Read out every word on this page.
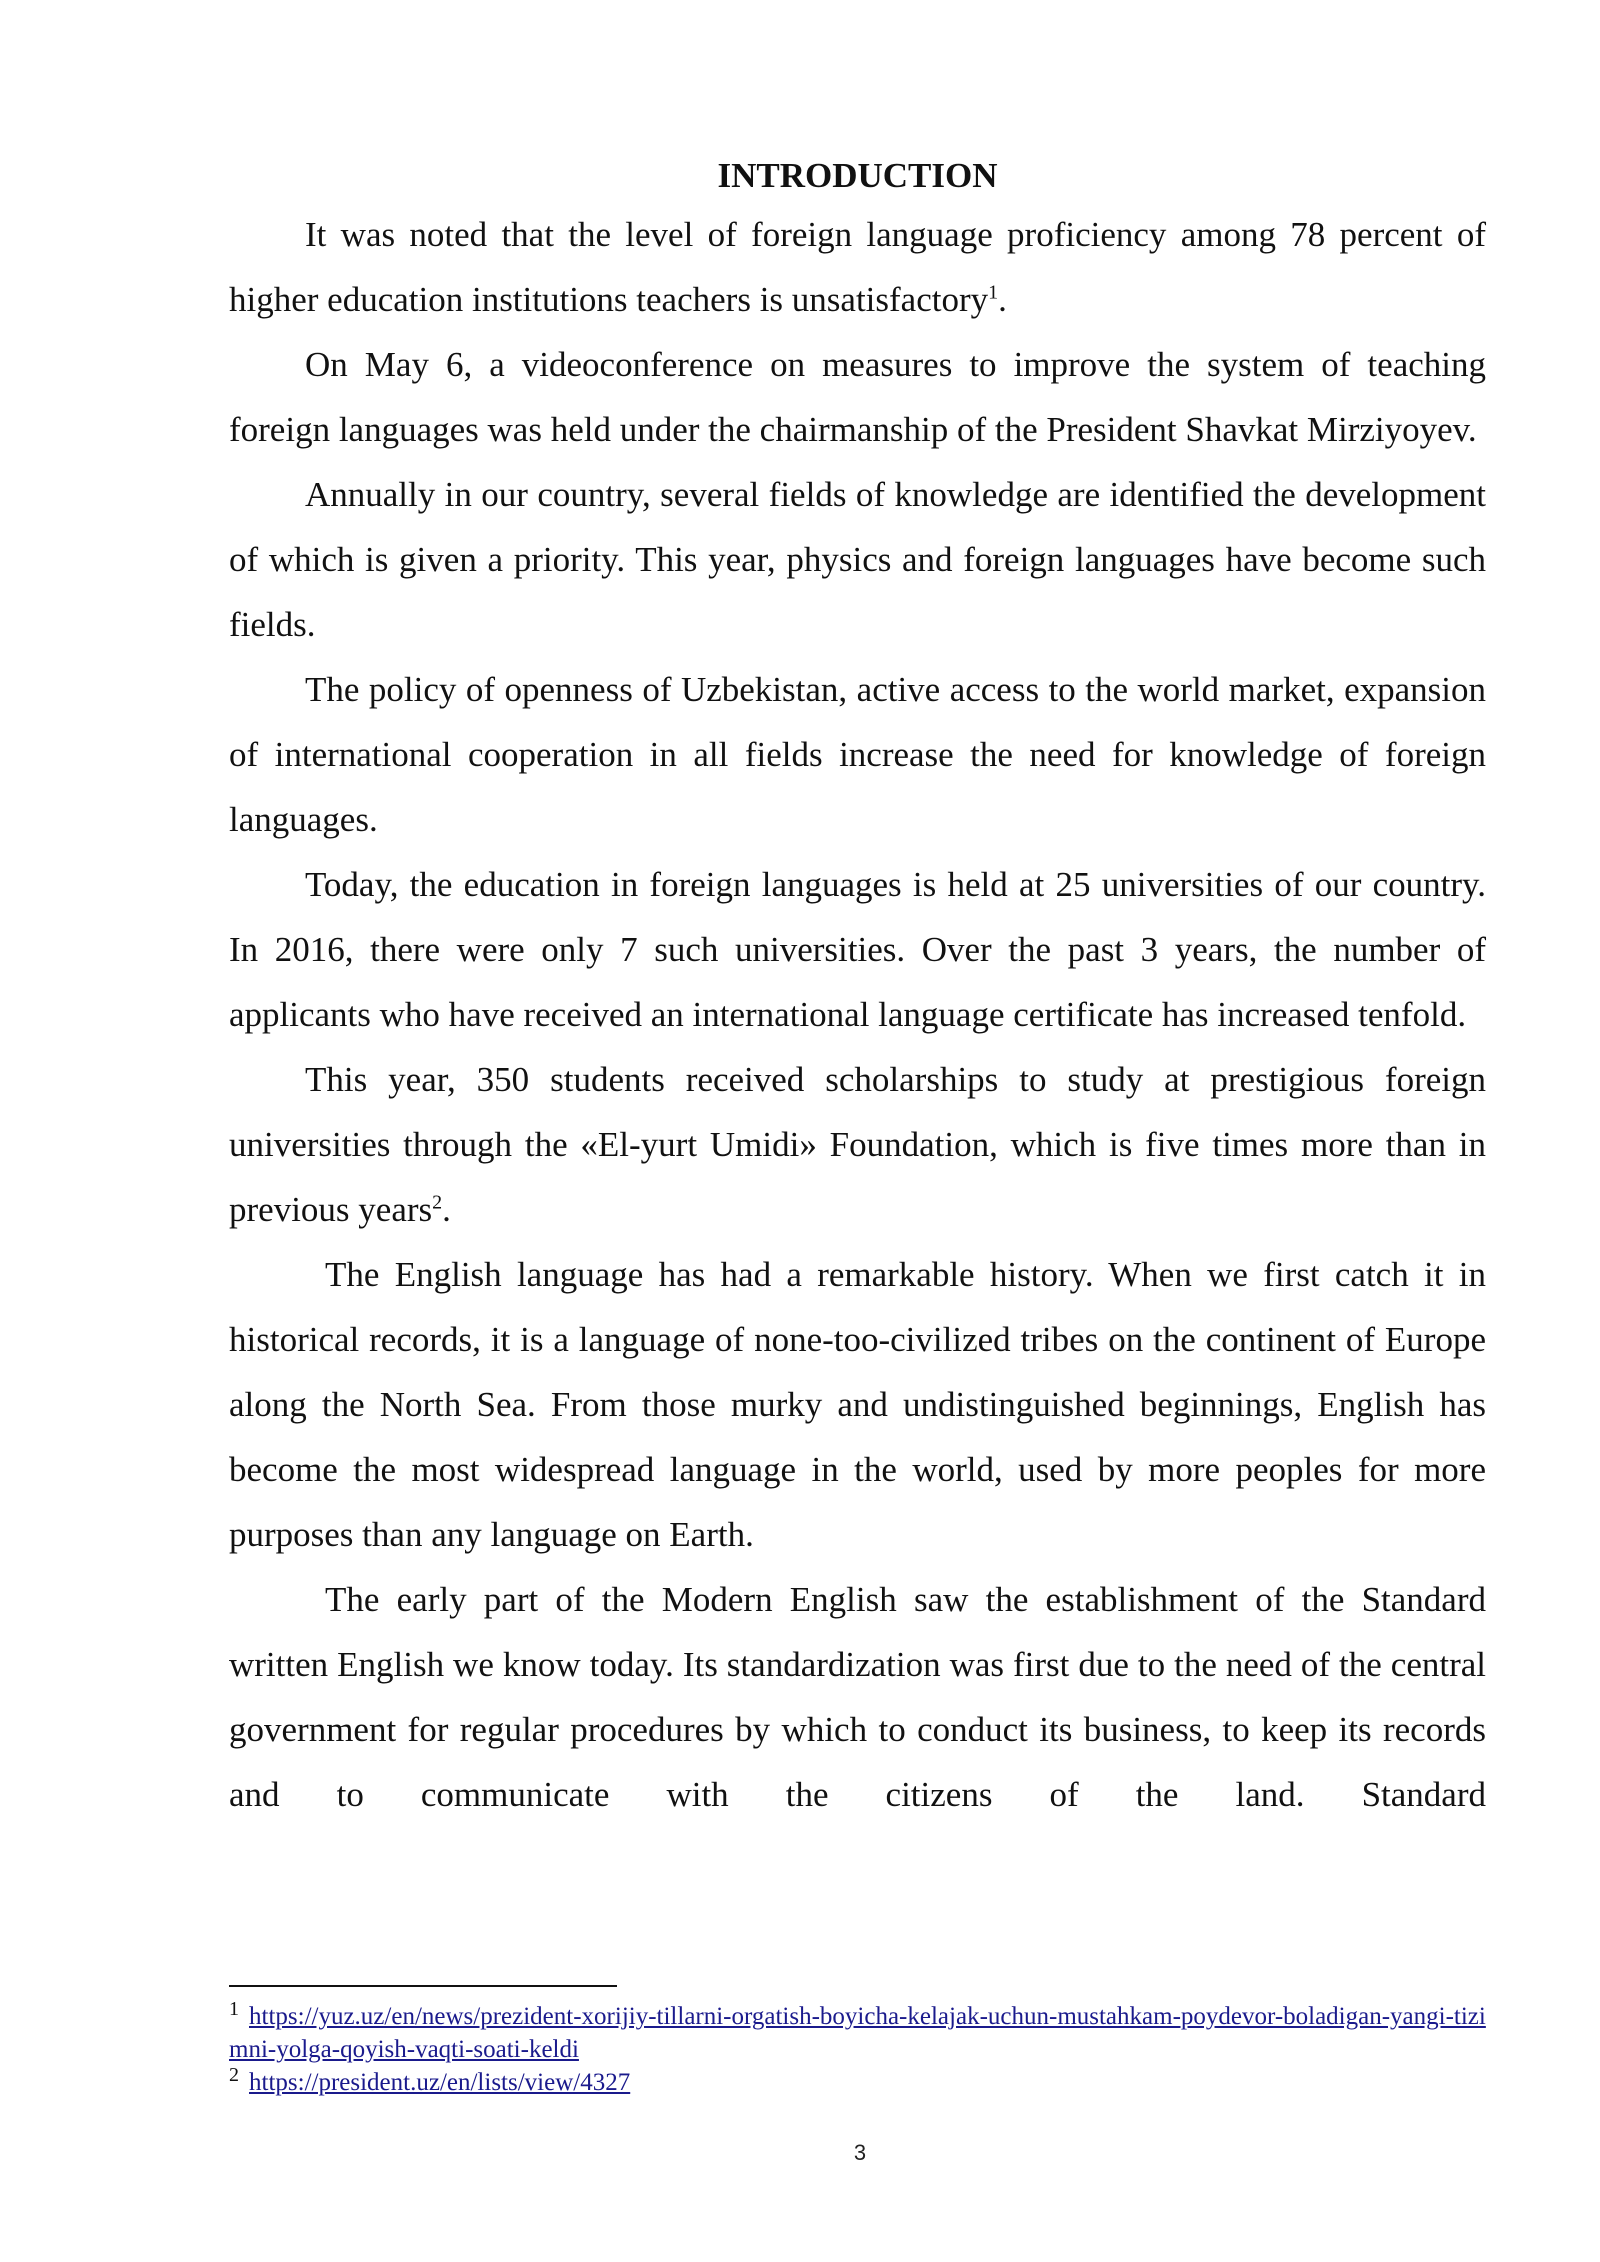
INTRODUCTION

It was noted that the level of foreign language proficiency among 78 percent of higher education institutions teachers is unsatisfactory$^1$.

On May 6, a videoconference on measures to improve the system of teaching foreign languages was held under the chairmanship of the President Shavkat Mirziyoyev.

Annually in our country, several fields of knowledge are identified the development of which is given a priority. This year, physics and foreign languages have become such fields.

The policy of openness of Uzbekistan, active access to the world market, expansion of international cooperation in all fields increase the need for knowledge of foreign languages.

Today, the education in foreign languages is held at 25 universities of our country. In 2016, there were only 7 such universities. Over the past 3 years, the number of applicants who have received an international language certificate has increased tenfold.

This year, 350 students received scholarships to study at prestigious foreign universities through the «El-yurt Umidi» Foundation, which is five times more than in previous years$^2$.

The English language has had a remarkable history. When we first catch it in historical records, it is a language of none-too-civilized tribes on the continent of Europe along the North Sea. From those murky and undistinguished beginnings, English has become the most widespread language in the world, used by more peoples for more purposes than any language on Earth.

The early part of the Modern English saw the establishment of the Standard written English we know today. Its standardization was first due to the need of the central government for regular procedures by which to conduct its business, to keep its records and to communicate with the citizens of the land. Standard

$^1$ https://yuz.uz/en/news/prezident-xorijiy-tillarni-orgatish-boyicha-kelajak-uchun-mustahkam-poydevor-boladigan-yangi-tizimni-yolga-qoyish-vaqti-soati-keldi

$^2$ https://president.uz/en/lists/view/4327

3
